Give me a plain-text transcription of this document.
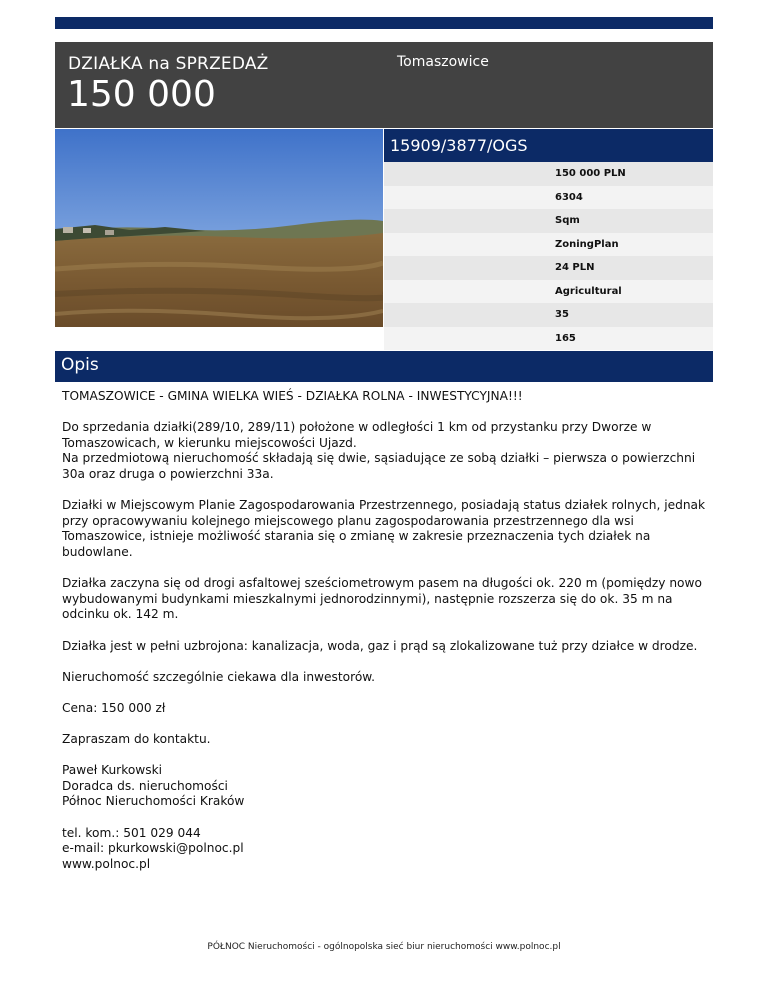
DZIAŁKA na SPRZEDAŻ
150 000
Tomaszowice
15909/3877/OGS
150 000 PLN
6304
Sqm
ZoningPlan
24 PLN
Agricultural
35
165
Opis

TOMASZOWICE - GMINA WIELKA WIEŚ - DZIAŁKA ROLNA - INWESTYCYJNA!!!

Do sprzedania działki(289/10, 289/11) położone w odległości 1 km od przystanku przy Dworze w Tomaszowicach, w kierunku miejscowości Ujazd.
Na przedmiotową nieruchomość składają się dwie, sąsiadujące ze sobą działki – pierwsza o powierzchni 30a oraz druga o powierzchni 33a.

Działki w Miejscowym Planie Zagospodarowania Przestrzennego, posiadają status działek rolnych, jednak przy opracowywaniu kolejnego miejscowego planu zagospodarowania przestrzennego dla wsi Tomaszowice, istnieje możliwość starania się o zmianę w zakresie przeznaczenia tych działek na budowlane.

Działka zaczyna się od drogi asfaltowej sześciometrowym pasem na długości ok. 220 m (pomiędzy nowo wybudowanymi budynkami mieszkalnymi jednorodzinnymi), następnie rozszerza się do ok. 35 m na odcinku ok. 142 m.

Działka jest w pełni uzbrojona: kanalizacja, woda, gaz i prąd są zlokalizowane tuż przy działce w drodze.

Nieruchomość szczególnie ciekawa dla inwestorów.

Cena: 150 000 zł

Zapraszam do kontaktu.

Paweł Kurkowski
Doradca ds. nieruchomości
Północ Nieruchomości Kraków

tel. kom.: 501 029 044
e-mail: pkurkowski@polnoc.pl
www.polnoc.pl

PÓŁNOC Nieruchomości - ogólnopolska sieć biur nieruchomości www.polnoc.pl
